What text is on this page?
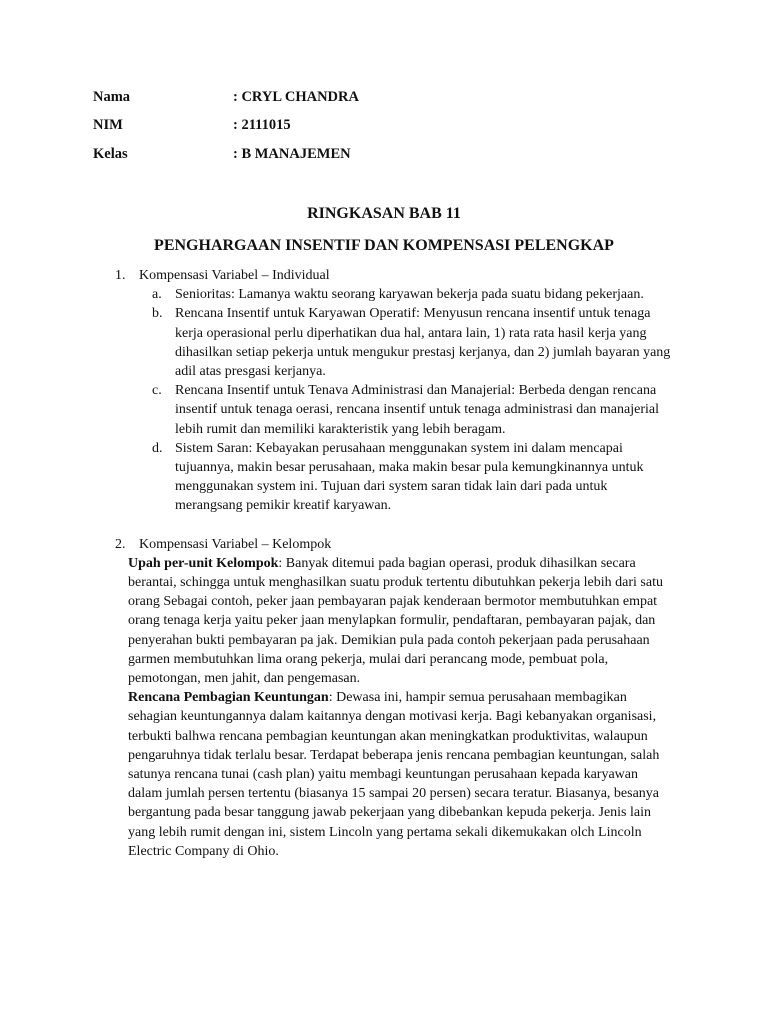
Nama	: CRYL CHANDRA
NIM	: 2111015
Kelas	: B MANAJEMEN
RINGKASAN BAB 11
PENGHARGAAN INSENTIF DAN KOMPENSASI PELENGKAP
1. Kompensasi Variabel – Individual
a. Senioritas: Lamanya waktu seorang karyawan bekerja pada suatu bidang pekerjaan.
b. Rencana Insentif untuk Karyawan Operatif: Menyusun rencana insentif untuk tenaga kerja operasional perlu diperhatikan dua hal, antara lain, 1) rata rata hasil kerja yang dihasilkan setiap pekerja untuk mengukur prestasj kerjanya, dan 2) jumlah bayaran yang adil atas presgasi kerjanya.
c. Rencana Insentif untuk Tenava Administrasi dan Manajerial: Berbeda dengan rencana insentif untuk tenaga oerasi, rencana insentif untuk tenaga administrasi dan manajerial lebih rumit dan memiliki karakteristik yang lebih beragam.
d. Sistem Saran: Kebayakan perusahaan menggunakan system ini dalam mencapai tujuannya, makin besar perusahaan, maka makin besar pula kemungkinannya untuk menggunakan system ini. Tujuan dari system saran tidak lain dari pada untuk merangsang pemikir kreatif karyawan.
2. Kompensasi Variabel – Kelompok
Upah per-unit Kelompok: Banyak ditemui pada bagian operasi, produk dihasilkan secara berantai, schingga untuk menghasilkan suatu produk tertentu dibutuhkan pekerja lebih dari satu orang Sebagai contoh, peker jaan pembayaran pajak kenderaan bermotor membutuhkan empat orang tenaga kerja yaitu peker jaan menylapkan formulir, pendaftaran, pembayaran pajak, dan penyerahan bukti pembayaran pa jak. Demikian pula pada contoh pekerjaan pada perusahaan garmen membutuhkan lima orang pekerja, mulai dari perancang mode, pembuat pola, pemotongan, men jahit, dan pengemasan.
Rencana Pembagian Keuntungan: Dewasa ini, hampir semua perusahaan membagikan sehagian keuntungannya dalam kaitannya dengan motivasi kerja. Bagi kebanyakan organisasi, terbukti balhwa rencana pembagian keuntungan akan meningkatkan produktivitas, walaupun pengaruhnya tidak terlalu besar. Terdapat beberapa jenis rencana pembagian keuntungan, salah satunya rencana tunai (cash plan) yaitu membagi keuntungan perusahaan kepada karyawan dalam jumlah persen tertentu (biasanya 15 sampai 20 persen) secara teratur. Biasanya, besanya bergantung pada besar tanggung jawab pekerjaan yang dibebankan kepuda pekerja. Jenis lain yang lebih rumit dengan ini, sistem Lincoln yang pertama sekali dikemukakan olch Lincoln Electric Company di Ohio.
